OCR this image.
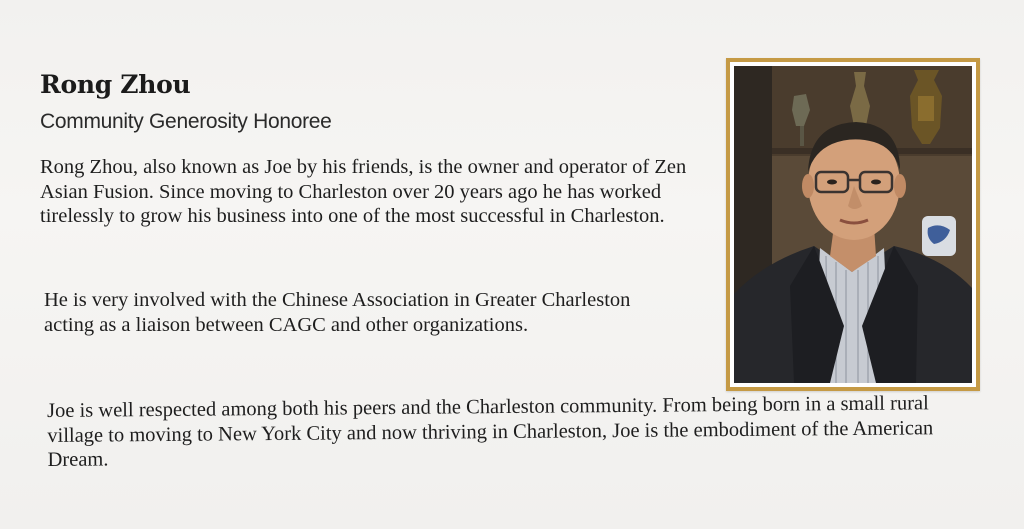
Rong Zhou
Community Generosity Honoree

Rong Zhou, also known as Joe by his friends, is the owner and operator of Zen Asian Fusion. Since moving to Charleston over 20 years ago he has worked tirelessly to grow his business into one of the most successful in Charleston.

He is very involved with the Chinese Association in Greater Charleston acting as a liaison between CAGC and other organizations.

Joe is well respected among both his peers and the Charleston community. From being born in a small rural village to moving to New York City and now thriving in Charleston, Joe is the embodiment of the American Dream.
